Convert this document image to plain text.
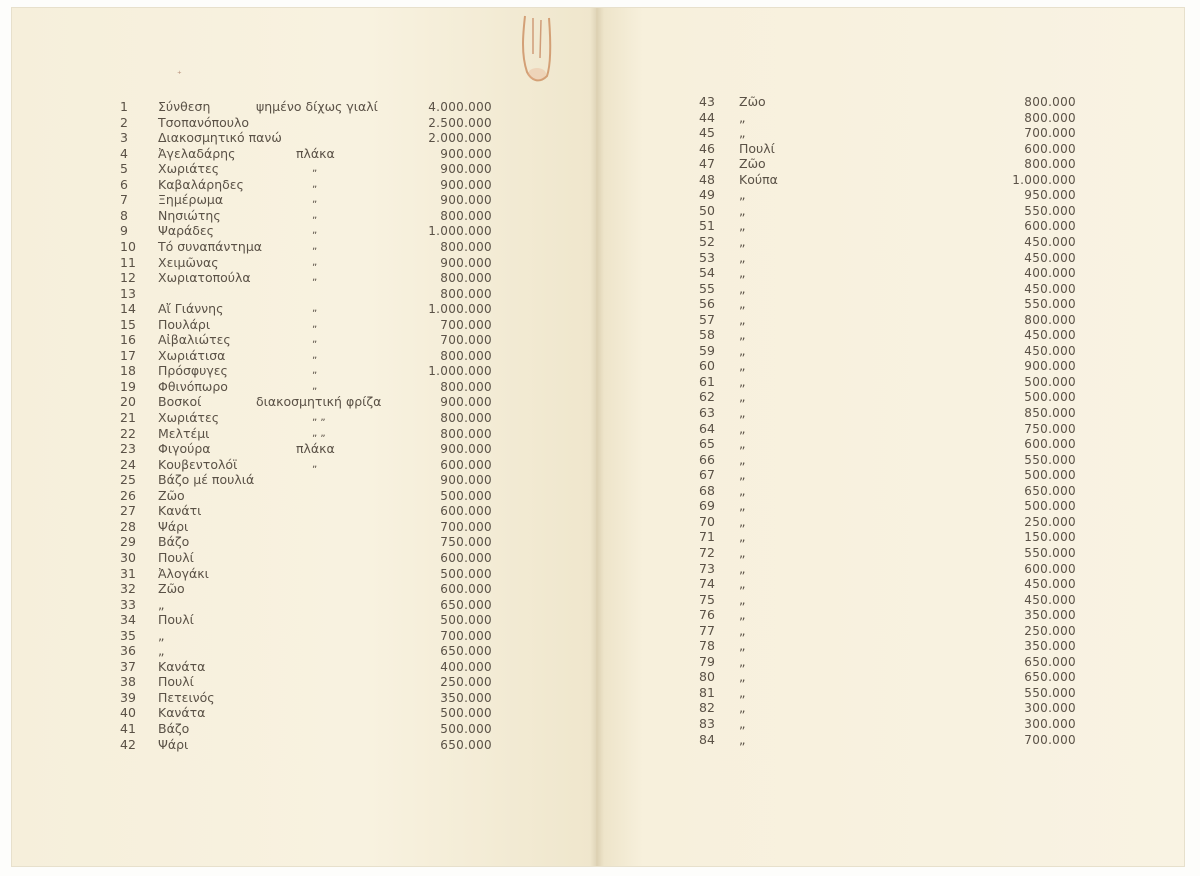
⁺
1 Σύνθεση	ψημένο δίχως γιαλί	4.000.000
2 Τσοπανόπουλο	2.500.000
3 Διακοσμητικό πανώ	2.000.000
4 Ἀγελαδάρης	πλάκα	900.000
5 Χωριάτες	„	900.000
6 Καβαλάρηδες	„	900.000
7 Ξημέρωμα	„	900.000
8 Νησιώτης	„	800.000
9 Ψαράδες	„	1.000.000
10 Τό συναπάντημα	„	800.000
11 Χειμῶνας	„	900.000
12 Χωριατοπούλα	„	800.000
13	800.000
14 Αἴ Γιάννης	„	1.000.000
15 Πουλάρι	„	700.000
16 Αἰβαλιώτες	„	700.000
17 Χωριάτισα	„	800.000
18 Πρόσφυγες	„	1.000.000
19 Φθινόπωρο	„	800.000
20 Βοσκοί	διακοσμητική φρίζα	900.000
21 Χωριάτες	„ „	800.000
22 Μελτέμι	„ „	800.000
23 Φιγούρα	πλάκα	900.000
24 Κουβεντολόϊ	„	600.000
25 Βάζο μέ πουλιά	900.000
26 Ζῶο	500.000
27 Κανάτι	600.000
28 Ψάρι	700.000
29 Βάζο	750.000
30 Πουλί	600.000
31 Ἀλογάκι	500.000
32 Ζῶο	600.000
33 „	650.000
34 Πουλί	500.000
35 „	700.000
36 „	650.000
37 Κανάτα	400.000
38 Πουλί	250.000
39 Πετεινός	350.000
40 Κανάτα	500.000
41 Βάζο	500.000
42 Ψάρι	650.000
43 Ζῶο	800.000
44 „	800.000
45 „	700.000
46 Πουλί	600.000
47 Ζῶο	800.000
48 Κούπα	1.000.000
49 „	950.000
50 „	550.000
51 „	600.000
52 „	450.000
53 „	450.000
54 „	400.000
55 „	450.000
56 „	550.000
57 „	800.000
58 „	450.000
59 „	450.000
60 „	900.000
61 „	500.000
62 „	500.000
63 „	850.000
64 „	750.000
65 „	600.000
66 „	550.000
67 „	500.000
68 „	650.000
69 „	500.000
70 „	250.000
71 „	150.000
72 „	550.000
73 „	600.000
74 „	450.000
75 „	450.000
76 „	350.000
77 „	250.000
78 „	350.000
79 „	650.000
80 „	650.000
81 „	550.000
82 „	300.000
83 „	300.000
84 „	700.000
